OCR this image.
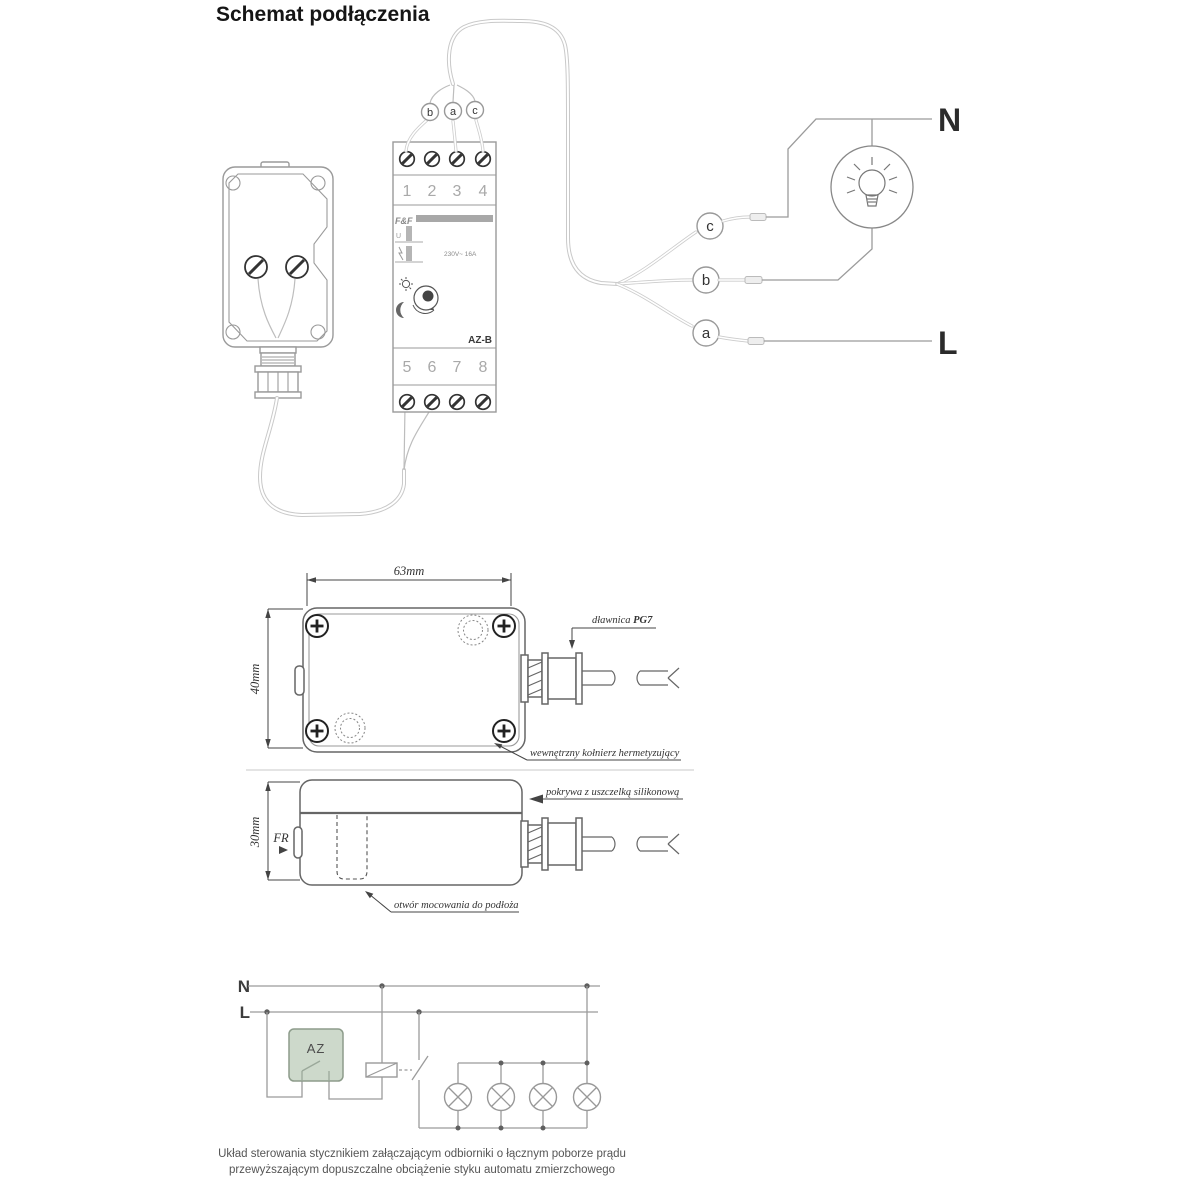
Schemat podłączenia
1 2 3 4
5 6 7 8
F&F
U
230V~ 16A
AZ-B
b a c
c
b
a
N
L
63mm
40mm
dławnica PG7
wewnętrzny kołnierz hermetyzujący
FR
30mm
pokrywa z uszczelką silikonową
otwór mocowania do podłoża
N
L
AZ
Układ sterowania stycznikiem załączającym odbiorniki o łącznym poborze prądu
przewyższającym dopuszczalne obciążenie styku automatu zmierzchowego
